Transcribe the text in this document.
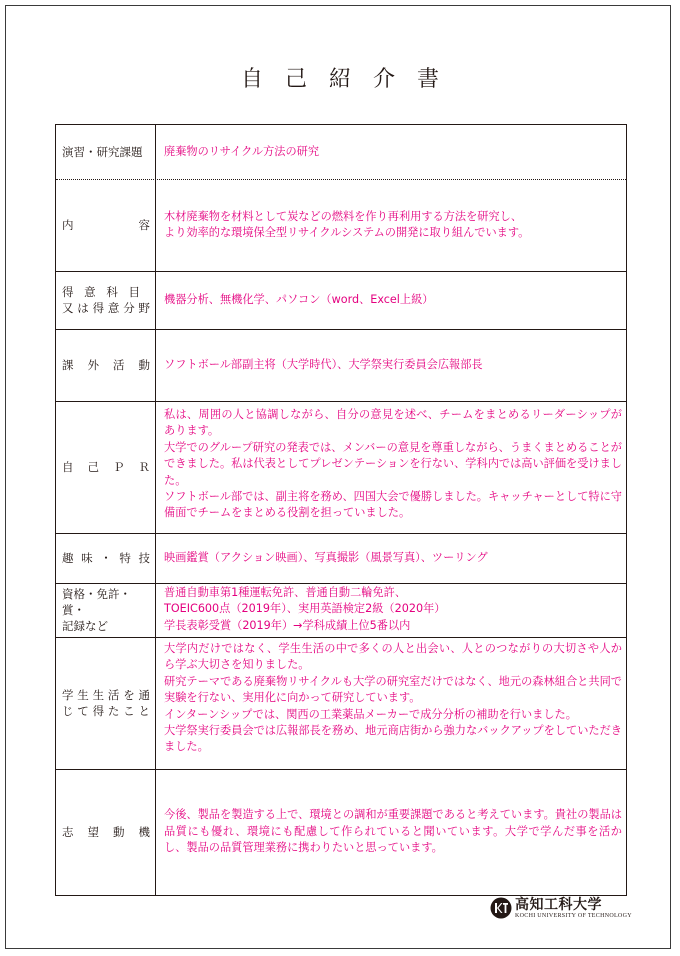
自己紹介書
演習・研究課題	廃棄物のリサイクル方法の研究

内容

木材廃棄物を材料として炭などの燃料を作り再利用する方法を研究し、

より効率的な環境保全型リサイクルシステムの開発に取り組んでいます。

得意科目
又は得意分野

機器分析、無機化学、パソコン（word、Excel上級）

課外活動 ソフトボール部副主将（大学時代）、大学祭実行委員会広報部長

自己ＰＲ

私は、周囲の人と協調しながら、自分の意見を述べ、チームをまとめるリーダーシップがあります。

大学でのグループ研究の発表では、メンバーの意見を尊重しながら、うまくまとめることができました。私は代表としてプレゼンテーションを行ない、学科内では高い評価を受けました。

ソフトボール部では、副主将を務め、四国大会で優勝しました。キャッチャーとして特に守備面でチームをまとめる役割を担っていました。

趣味・特技 映画鑑賞（アクション映画）、写真撮影（風景写真）、ツーリング

資格・免許・賞・
記録など

普通自動車第1種運転免許、普通自動二輪免許、

TOEIC600点（2019年）、実用英語検定2級（2020年）

学長表彰受賞（2019年）→学科成績上位5番以内

学生生活を通
じて得たこと

大学内だけではなく、学生生活の中で多くの人と出会い、人とのつながりの大切さや人から学ぶ大切さを知りました。

研究テーマである廃棄物リサイクルも大学の研究室だけではなく、地元の森林組合と共同で実験を行ない、実用化に向かって研究しています。

インターンシップでは、関西の工業薬品メーカーで成分分析の補助を行いました。

大学祭実行委員会では広報部長を務め、地元商店街から強力なバックアップをしていただきました。

志望動機

今後、製品を製造する上で、環境との調和が重要課題であると考えています。貴社の製品は品質にも優れ、環境にも配慮して作られていると聞いています。大学で学んだ事を活かし、製品の品質管理業務に携わりたいと思っています。

高知工科大学
KOCHI UNIVERSITY OF TECHNOLOGY
